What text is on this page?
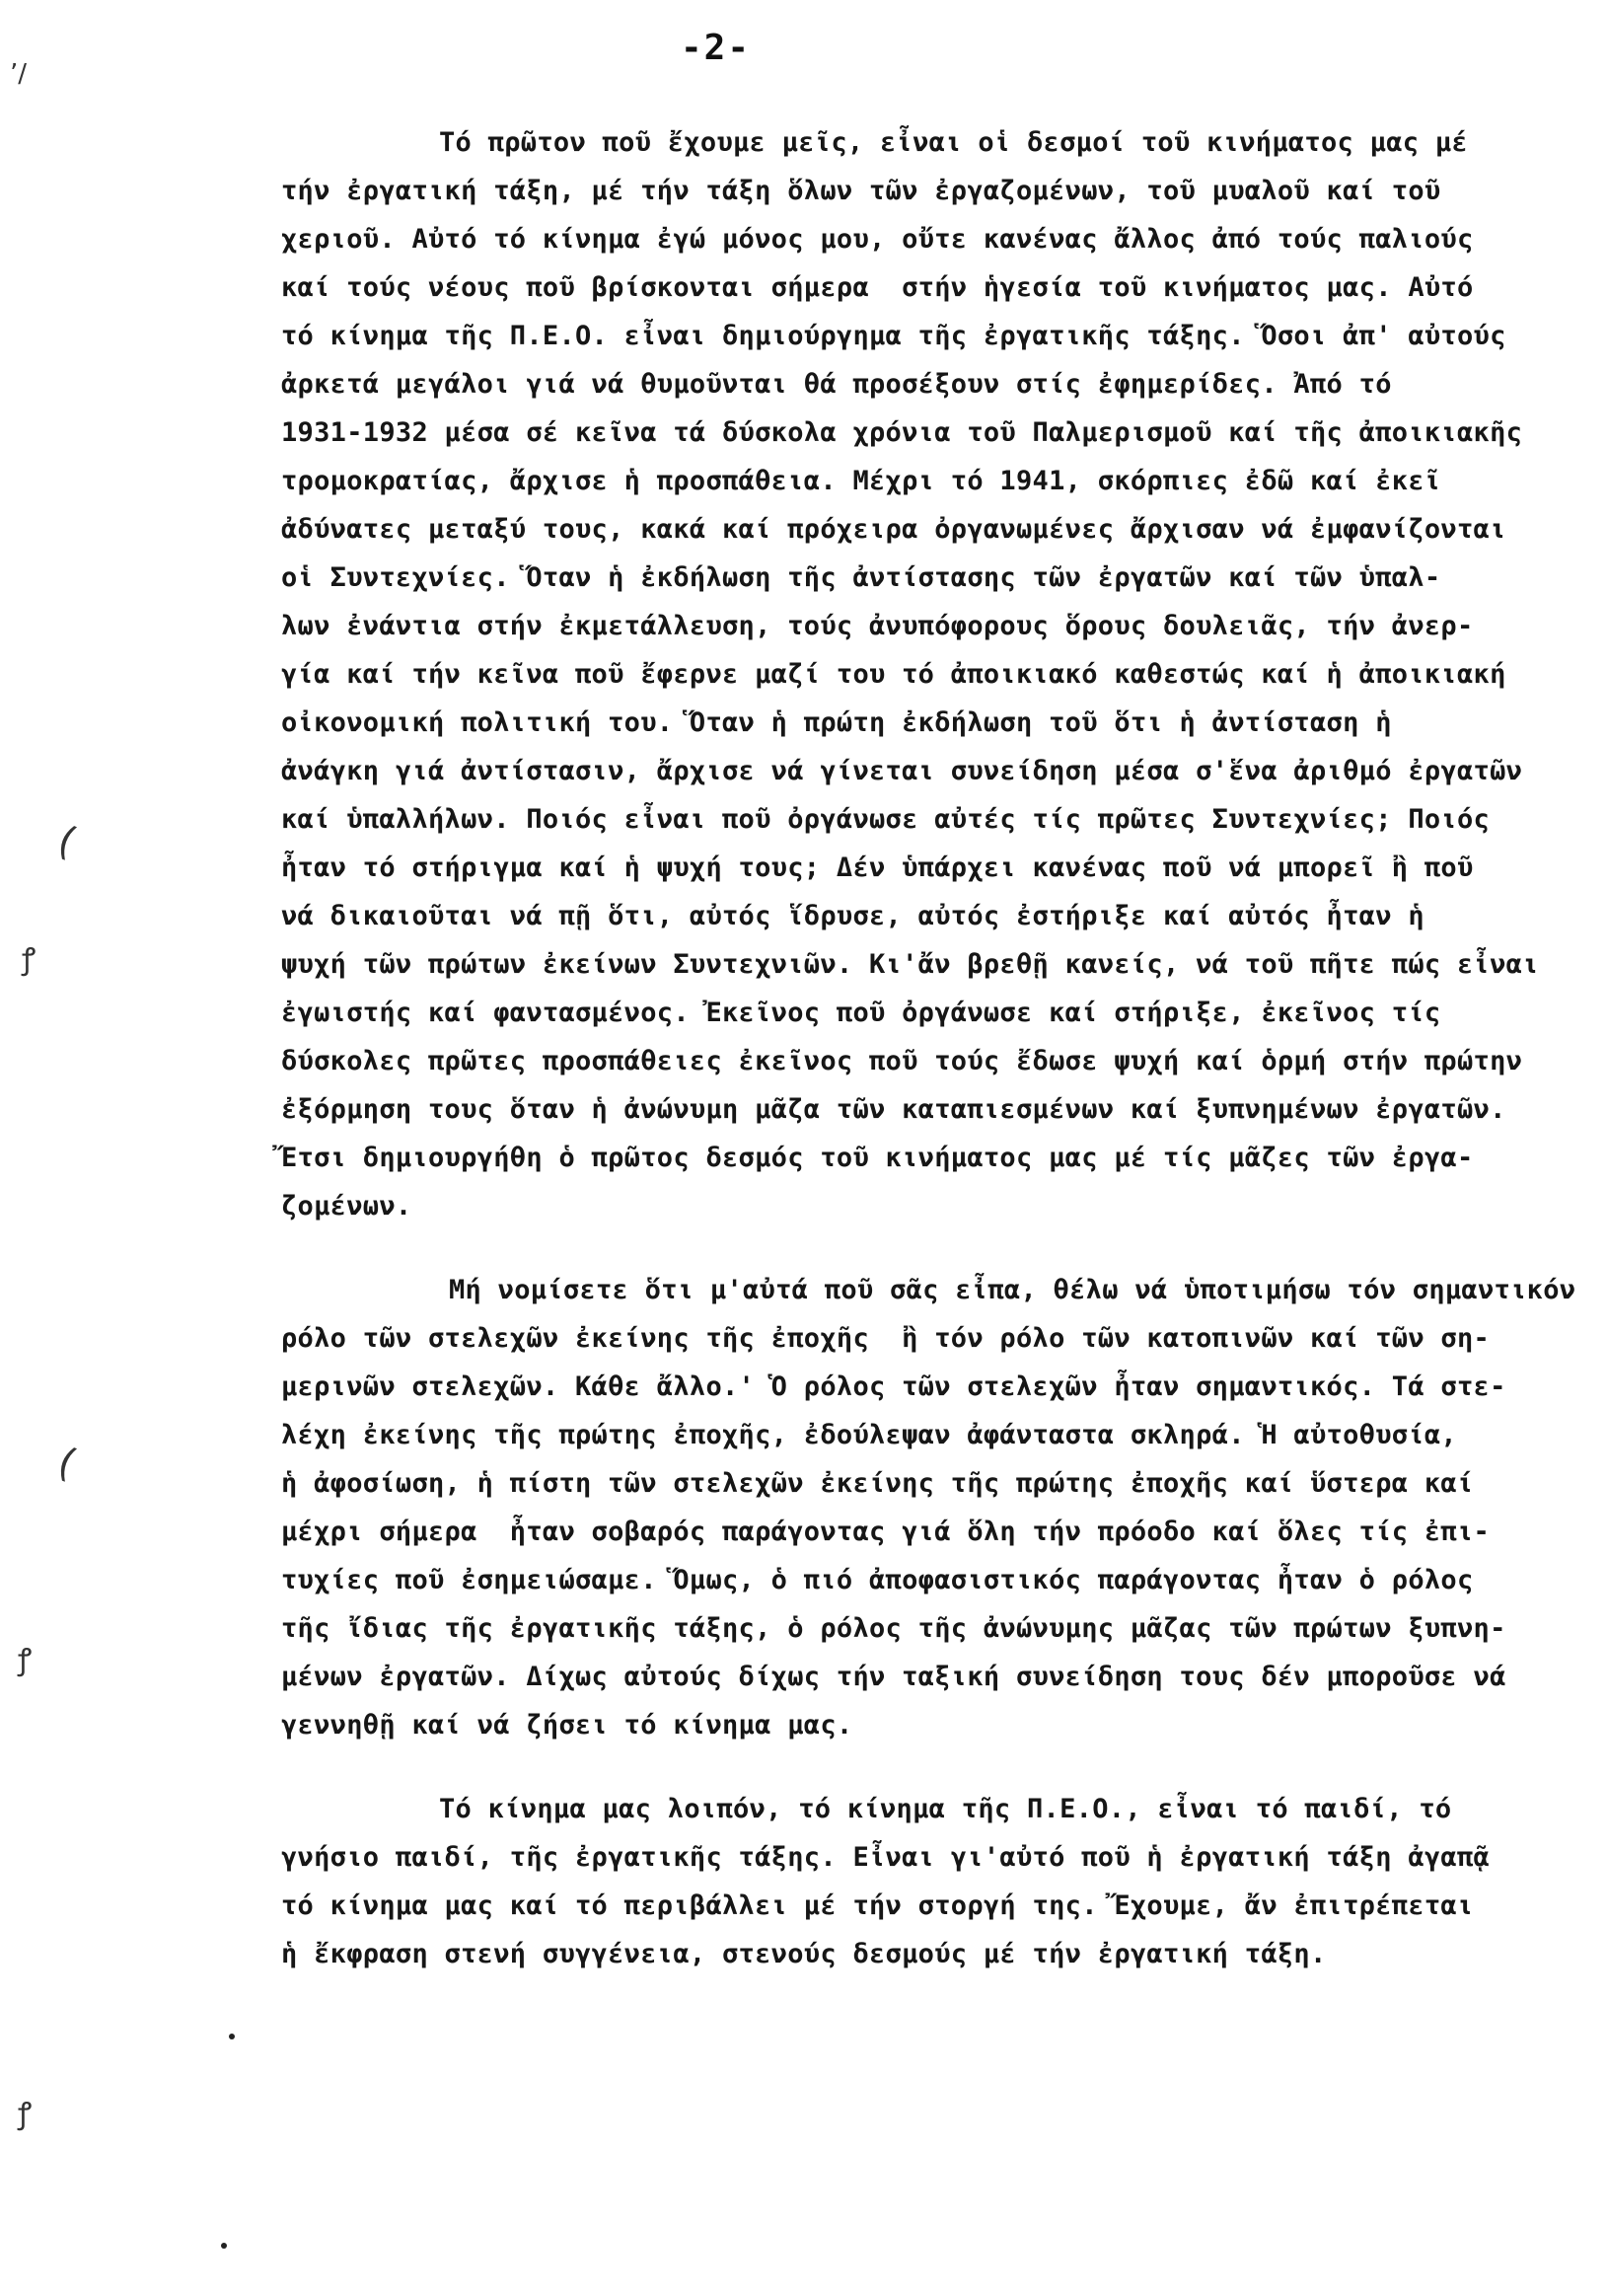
-2-
ʼ/
(
ꝭ
(
ꝭ
ꝭ
Τό πρῶτον ποῦ ἔχουμε μεῖς, εἶναι οἱ δεσμοί τοῦ κινήματος μας μέ
τήν ἐργατική τάξη, μέ τήν τάξη ὅλων τῶν ἐργαζομένων, τοῦ μυαλοῦ καί τοῦ
χεριοῦ. Αὐτό τό κίνημα ἐγώ μόνος μου, οὔτε κανένας ἄλλος ἀπό τούς παλιούς
καί τούς νέους ποῦ βρίσκονται σήμερα  στήν ἡγεσία τοῦ κινήματος μας. Αὐτό
τό κίνημα τῆς Π.Ε.Ο. εἶναι δημιούργημα τῆς ἐργατικῆς τάξης. Ὅσοι ἀπ' αὐτούς
ἀρκετά μεγάλοι γιά νά θυμοῦνται θά προσέξουν στίς ἐφημερίδες. Ἀπό τό
1931-1932 μέσα σέ κεῖνα τά δύσκολα χρόνια τοῦ Παλμερισμοῦ καί τῆς ἀποικιακῆς
τρομοκρατίας, ἄρχισε ἡ προσπάθεια. Μέχρι τό 1941, σκόρπιες ἐδῶ καί ἐκεῖ
ἀδύνατες μεταξύ τους, κακά καί πρόχειρα ὀργανωμένες ἄρχισαν νά ἐμφανίζονται
οἱ Συντεχνίες. Ὅταν ἡ ἐκδήλωση τῆς ἀντίστασης τῶν ἐργατῶν καί τῶν ὑπαλ-
λων ἐνάντια στήν ἐκμετάλλευση, τούς ἀνυπόφορους ὅρους δουλειᾶς, τήν ἀνερ-
γία καί τήν κεῖνα ποῦ ἔφερνε μαζί του τό ἀποικιακό καθεστώς καί ἡ ἀποικιακή
οἰκονομική πολιτική του. Ὅταν ἡ πρώτη ἐκδήλωση τοῦ ὅτι ἡ ἀντίσταση ἡ
ἀνάγκη γιά ἀντίστασιν, ἄρχισε νά γίνεται συνείδηση μέσα σ'ἕνα ἀριθμό ἐργατῶν
καί ὑπαλλήλων. Ποιός εἶναι ποῦ ὀργάνωσε αὐτές τίς πρῶτες Συντεχνίες; Ποιός
ἦταν τό στήριγμα καί ἡ ψυχή τους; Δέν ὑπάρχει κανένας ποῦ νά μπορεῖ ἢ ποῦ
νά δικαιοῦται νά πῇ ὅτι, αὐτός ἵδρυσε, αὐτός ἐστήριξε καί αὐτός ἦταν ἡ
ψυχή τῶν πρώτων ἐκείνων Συντεχνιῶν. Κι'ἄν βρεθῇ κανείς, νά τοῦ πῆτε πώς εἶναι
ἐγωιστής καί φαντασμένος. Ἐκεῖνος ποῦ ὀργάνωσε καί στήριξε, ἐκεῖνος τίς
δύσκολες πρῶτες προσπάθειες ἐκεῖνος ποῦ τούς ἔδωσε ψυχή καί ὁρμή στήν πρώτην
ἐξόρμηση τους ὅταν ἡ ἀνώνυμη μᾶζα τῶν καταπιεσμένων καί ξυπνημένων ἐργατῶν.
Ἔτσι δημιουργήθη ὁ πρῶτος δεσμός τοῦ κινήματος μας μέ τίς μᾶζες τῶν ἐργα-
ζομένων.
Μή νομίσετε ὅτι μ'αὐτά ποῦ σᾶς εἶπα, θέλω νά ὑποτιμήσω τόν σημαντικόν
ρόλο τῶν στελεχῶν ἐκείνης τῆς ἐποχῆς  ἢ τόν ρόλο τῶν κατοπινῶν καί τῶν ση-
μερινῶν στελεχῶν. Κάθε ἄλλο.' Ὁ ρόλος τῶν στελεχῶν ἦταν σημαντικός. Τά στε-
λέχη ἐκείνης τῆς πρώτης ἐποχῆς, ἐδούλεψαν ἀφάνταστα σκληρά. Ἡ αὐτοθυσία,
ἡ ἀφοσίωση, ἡ πίστη τῶν στελεχῶν ἐκείνης τῆς πρώτης ἐποχῆς καί ὕστερα καί
μέχρι σήμερα  ἦταν σοβαρός παράγοντας γιά ὅλη τήν πρόοδο καί ὅλες τίς ἐπι-
τυχίες ποῦ ἐσημειώσαμε. Ὅμως, ὁ πιό ἀποφασιστικός παράγοντας ἦταν ὁ ρόλος
τῆς ἴδιας τῆς ἐργατικῆς τάξης, ὁ ρόλος τῆς ἀνώνυμης μᾶζας τῶν πρώτων ξυπνη-
μένων ἐργατῶν. Δίχως αὐτούς δίχως τήν ταξική συνείδηση τους δέν μποροῦσε νά
γεννηθῇ καί νά ζήσει τό κίνημα μας.
Τό κίνημα μας λοιπόν, τό κίνημα τῆς Π.Ε.Ο., εἶναι τό παιδί, τό
γνήσιο παιδί, τῆς ἐργατικῆς τάξης. Εἶναι γι'αὐτό ποῦ ἡ ἐργατική τάξη ἀγαπᾷ
τό κίνημα μας καί τό περιβάλλει μέ τήν στοργή της. Ἔχουμε, ἄν ἐπιτρέπεται
ἡ ἔκφραση στενή συγγένεια, στενούς δεσμούς μέ τήν ἐργατική τάξη.
